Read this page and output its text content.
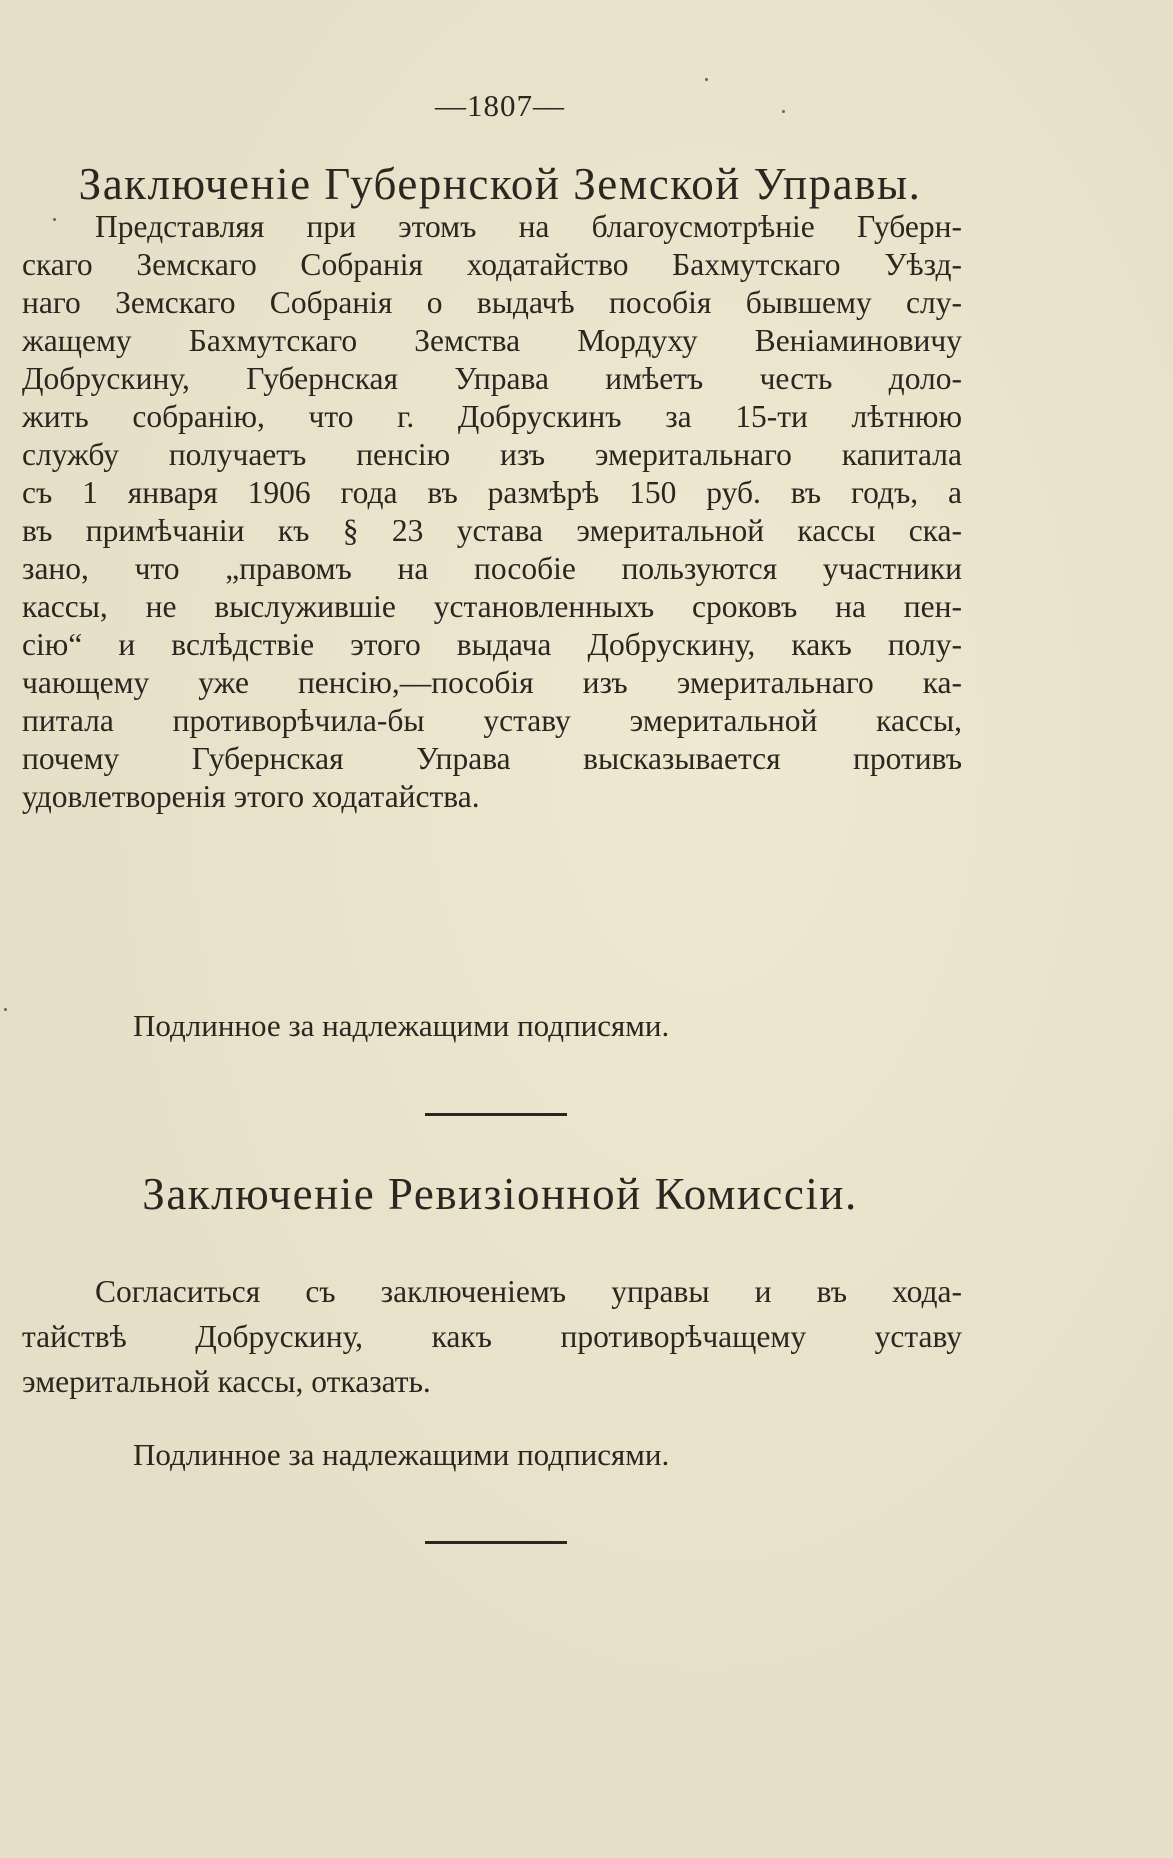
—1807—
Заключеніе Губернской Земской Управы.
Представляя при этомъ на благоусмотрѣніе Губерн-
скаго Земскаго Собранія ходатайство Бахмутскаго Уѣзд-
наго Земскаго Собранія о выдачѣ пособія бывшему слу-
жащему Бахмутскаго Земства Мордуху Веніаминовичу
Добрускину, Губернская Управа имѣетъ честь доло-
жить собранію, что г. Добрускинъ за 15-ти лѣтнюю
службу получаетъ пенсію изъ эмеритальнаго капитала
съ 1 января 1906 года въ размѣрѣ 150 руб. въ годъ, а
въ примѣчаніи къ § 23 устава эмеритальной кассы ска-
зано, что „правомъ на пособіе пользуются участники
кассы, не выслужившіе установленныхъ сроковъ на пен-
сію“ и вслѣдствіе этого выдача Добрускину, какъ полу-
чающему уже пенсію,—пособія изъ эмеритальнаго ка-
питала противорѣчила-бы уставу эмеритальной кассы,
почему Губернская Управа высказывается противъ
удовлетворенія этого ходатайства.
Подлинное за надлежащими подписями.
Заключеніе Ревизіонной Комиссіи.
Согласиться съ заключеніемъ управы и въ хода-
тайствѣ Добрускину, какъ противорѣчащему уставу
эмеритальной кассы, отказать.
Подлинное за надлежащими подписями.
